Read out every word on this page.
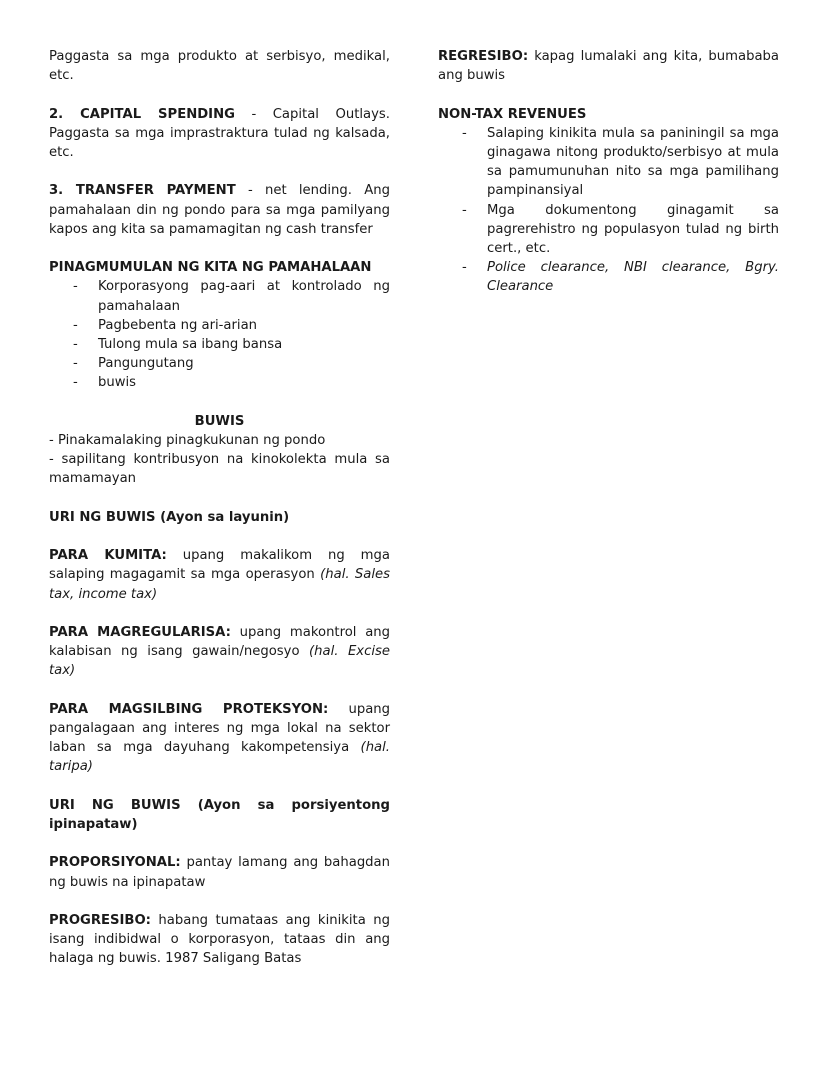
Paggasta sa mga produkto at serbisyo, medikal, etc.

2. CAPITAL SPENDING - Capital Outlays. Paggasta sa mga imprastraktura tulad ng kalsada, etc.

3. TRANSFER PAYMENT - net lending. Ang pamahalaan din ng pondo para sa mga pamilyang kapos ang kita sa pamamagitan ng cash transfer

PINAGMUMULAN NG KITA NG PAMAHALAAN

- Korporasyong pag-aari at kontrolado ng pamahalaan
- Pagbebenta ng ari-arian
- Tulong mula sa ibang bansa
- Pangungutang
- buwis

BUWIS

- Pinakamalaking pinagkukunan ng pondo

- sapilitang kontribusyon na kinokolekta mula sa mamamayan

URI NG BUWIS (Ayon sa layunin)

PARA KUMITA: upang makalikom ng mga salaping magagamit sa mga operasyon (hal. Sales tax, income tax)

PARA MAGREGULARISA: upang makontrol ang kalabisan ng isang gawain/negosyo (hal. Excise tax)

PARA MAGSILBING PROTEKSYON: upang pangalagaan ang interes ng mga lokal na sektor laban sa mga dayuhang kakompetensiya (hal. taripa)

URI NG BUWIS (Ayon sa porsiyentong ipinapataw)

PROPORSIYONAL: pantay lamang ang bahagdan ng buwis na ipinapataw

PROGRESIBO: habang tumataas ang kinikita ng isang indibidwal o korporasyon, tataas din ang halaga ng buwis. 1987 Saligang Batas

REGRESIBO: kapag lumalaki ang kita, bumababa ang buwis

NON-TAX REVENUES

- Salaping kinikita mula sa paniningil sa mga ginagawa nitong produkto/serbisyo at mula sa pamumunuhan nito sa mga pamilihang pampinansiyal
- Mga dokumentong ginagamit sa pagrerehistro ng populasyon tulad ng birth cert., etc.
- Police clearance, NBI clearance, Bgry. Clearance
